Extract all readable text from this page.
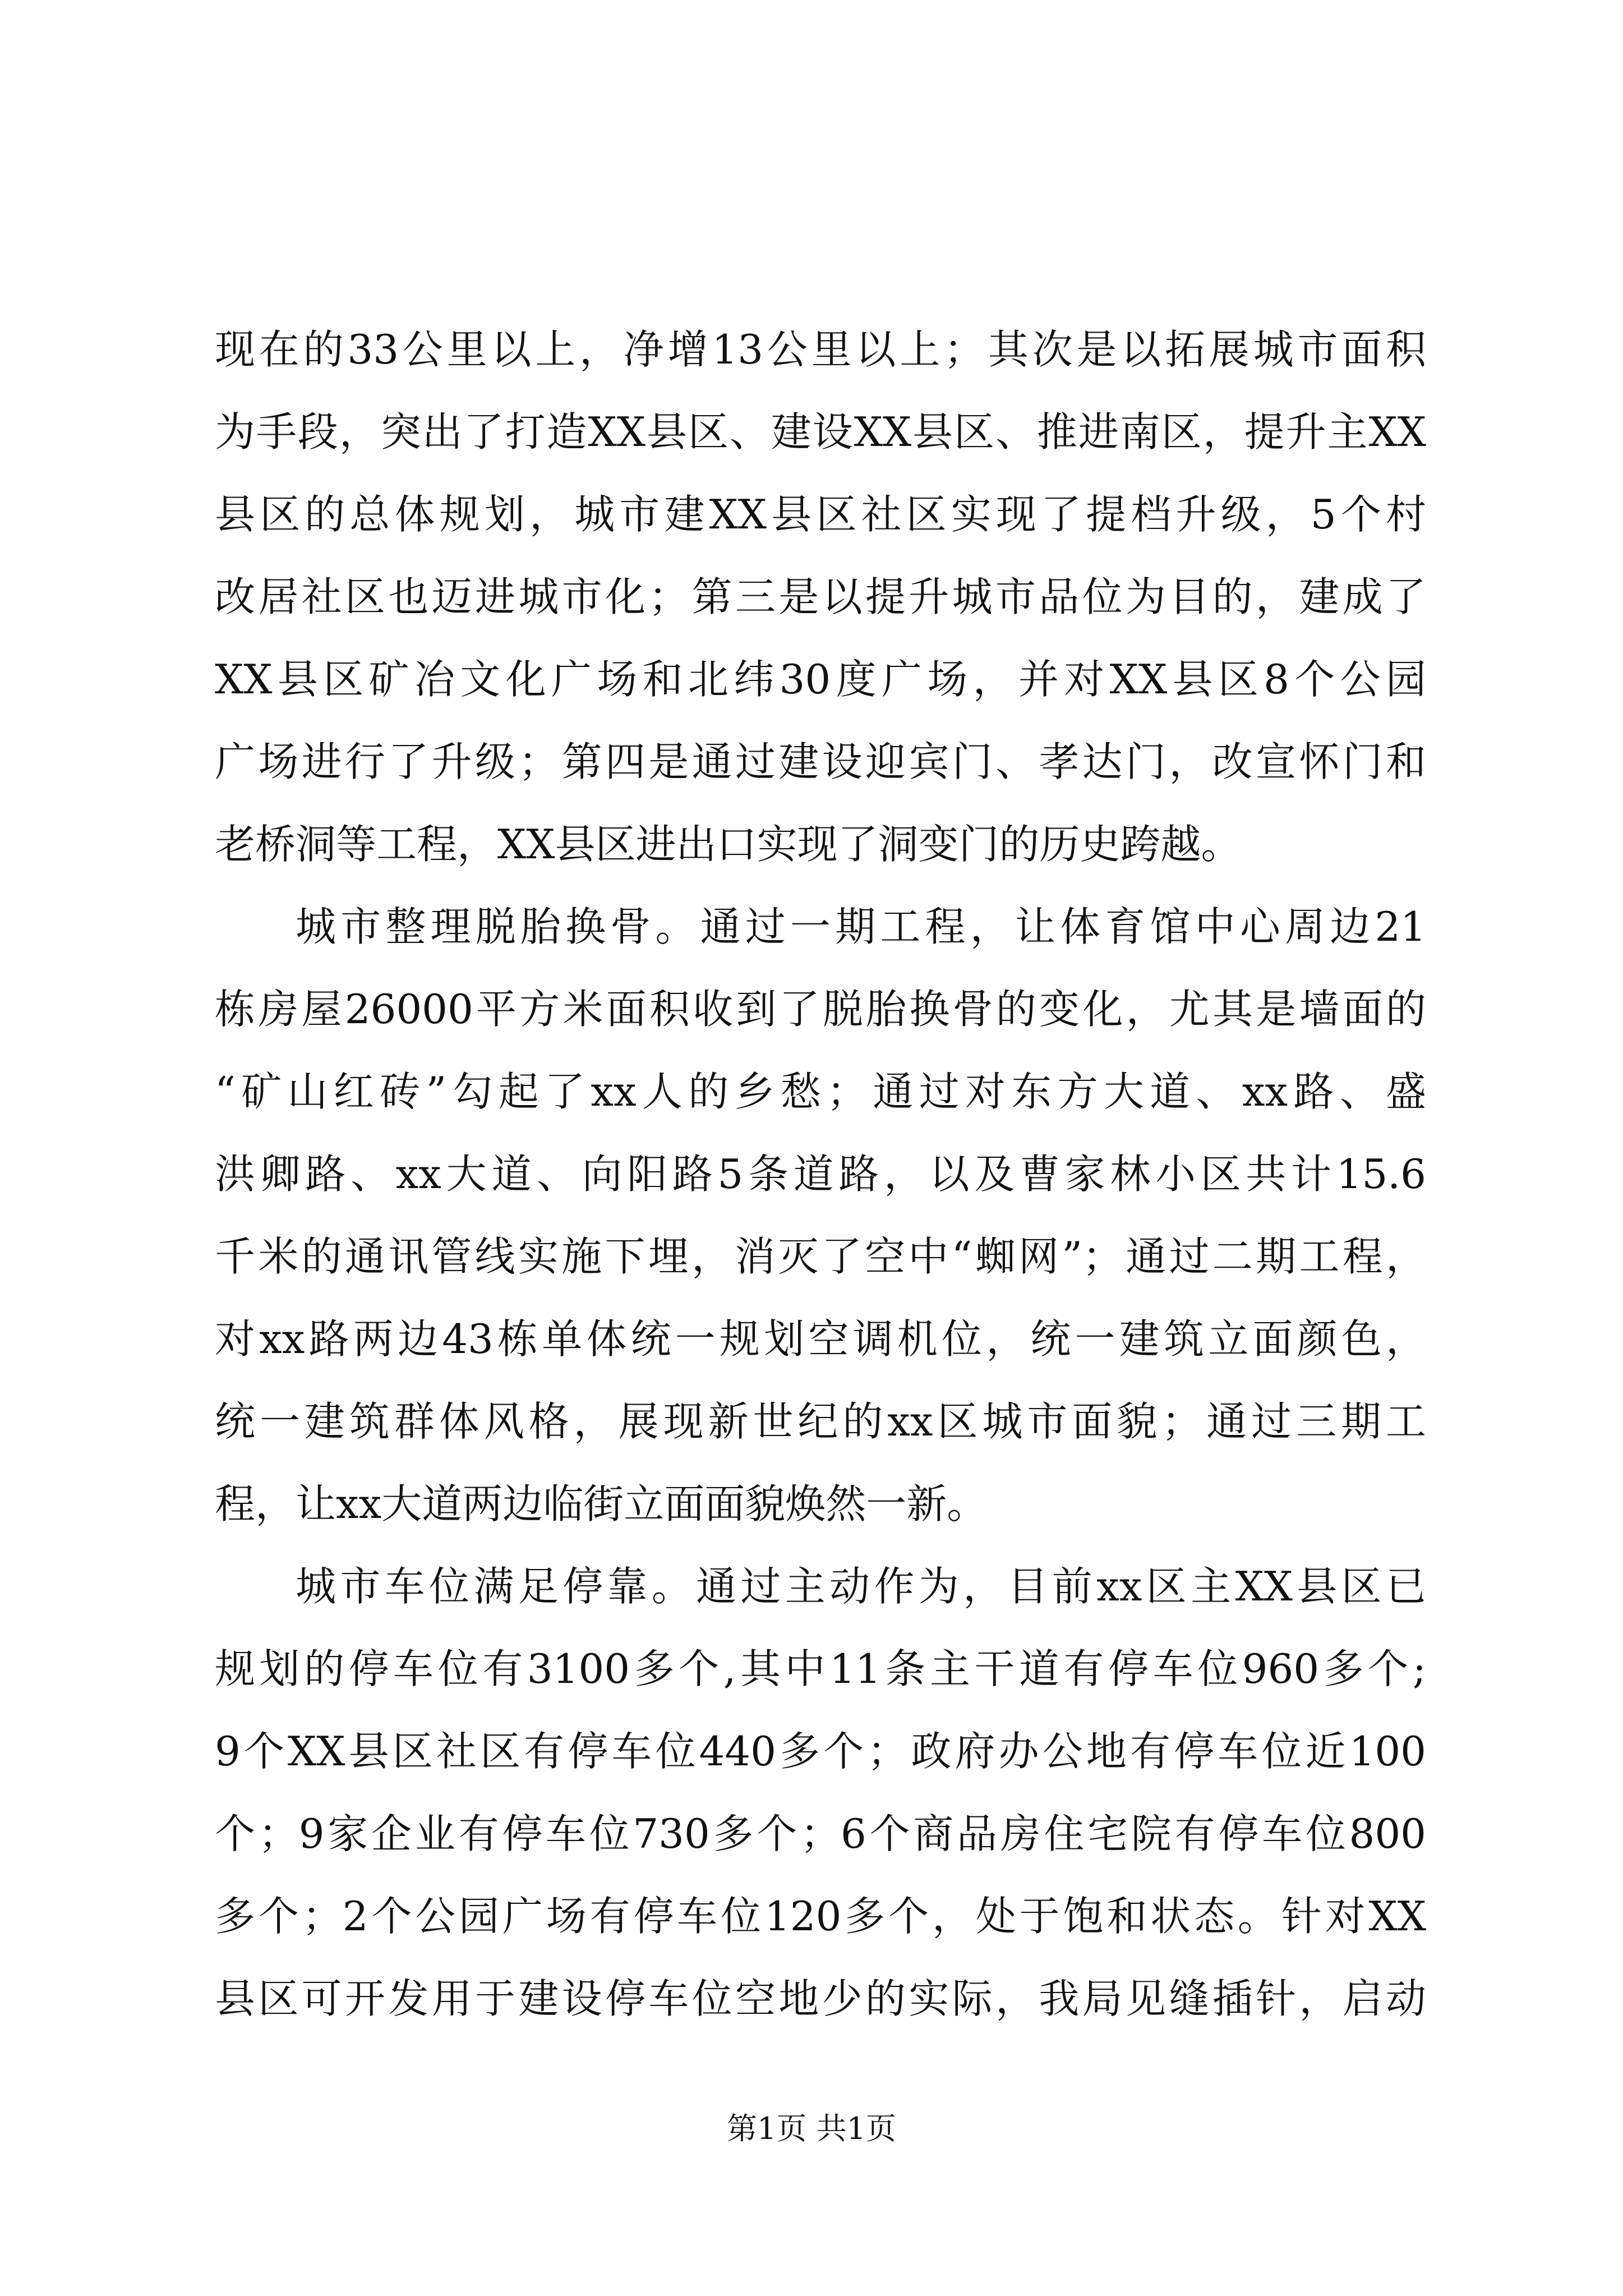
现在的33公里以上，净增13公里以上；其次是以拓展城市面积
为手段，突出了打造XX县区、建设XX县区、推进南区，提升主XX
县区的总体规划，城市建XX县区社区实现了提档升级，5个村
改居社区也迈进城市化；第三是以提升城市品位为目的，建成了
XX县区矿冶文化广场和北纬30度广场，并对XX县区8个公园
广场进行了升级；第四是通过建设迎宾门、孝达门，改宣怀门和
老桥洞等工程，XX县区进出口实现了洞变门的历史跨越。
城市整理脱胎换骨。通过一期工程，让体育馆中心周边21
栋房屋26000平方米面积收到了脱胎换骨的变化，尤其是墙面的
“矿山红砖”勾起了xx人的乡愁；通过对东方大道、xx路、盛
洪卿路、xx大道、向阳路5条道路，以及曹家林小区共计15.6
千米的通讯管线实施下埋，消灭了空中“蜘网”；通过二期工程，
对xx路两边43栋单体统一规划空调机位，统一建筑立面颜色，
统一建筑群体风格，展现新世纪的xx区城市面貌；通过三期工
程，让xx大道两边临街立面面貌焕然一新。
城市车位满足停靠。通过主动作为，目前xx区主XX县区已
规划的停车位有3100多个,其中11条主干道有停车位960多个;
9个XX县区社区有停车位440多个；政府办公地有停车位近100
个；9家企业有停车位730多个；6个商品房住宅院有停车位800
多个；2个公园广场有停车位120多个，处于饱和状态。针对XX
县区可开发用于建设停车位空地少的实际，我局见缝插针，启动
第1页 共1页
